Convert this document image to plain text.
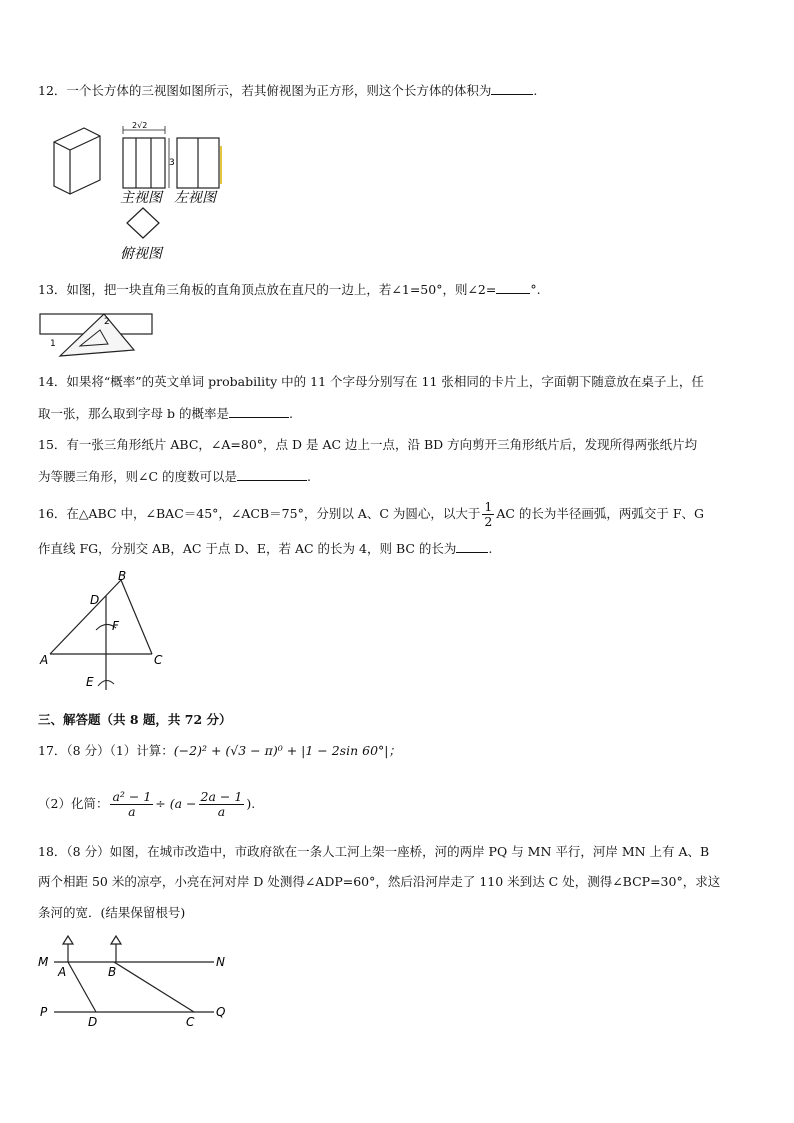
12．一个长方体的三视图如图所示，若其俯视图为正方形，则这个长方体的体积为	.
2√2
3
主视图 左视图
俯视图
13．如图，把一块直角三角板的直角顶点放在直尺的一边上，若∠1=50°，则∠2=	°.
1
2
14．如果将“概率”的英文单词 probability 中的 11 个字母分别写在 11 张相同的卡片上，字面朝下随意放在桌子上，任
取一张，那么取到字母 b 的概率是	.
15．有一张三角形纸片 ABC，∠A=80°，点 D 是 AC 边上一点，沿 BD 方向剪开三角形纸片后，发现所得两张纸片均
为等腰三角形，则∠C 的度数可以是	.
16．在△ABC 中，∠BAC＝45°，∠ACB＝75°，分别以 A、C 为圆心，以大于 $\frac{1}{2}$ AC 的长为半径画弧，两弧交于 F、G
作直线 FG，分别交 AB，AC 于点 D、E，若 AC 的长为 4，则 BC 的长为	.
A
B
C
D
E
F
三、解答题（共 8 题，共 72 分）
17．（8 分）（1）计算：(−2)² + (√3 − π)⁰ + |1 − 2sin 60°|；
（2）化简： $\frac{\text{a² − 1}}{a} \div (a - \frac{2a - 1}{a}$ ).
18．（8 分）如图，在城市改造中，市政府欲在一条人工河上架一座桥，河的两岸 PQ 与 MN 平行，河岸 MN 上有 A、B
两个相距 50 米的凉亭，小亮在河对岸 D 处测得∠ADP=60°，然后沿河岸走了 110 米到达 C 处，测得∠BCP=30°，求这
条河的宽．(结果保留根号)
M	N
P	Q
A	B
D	C
